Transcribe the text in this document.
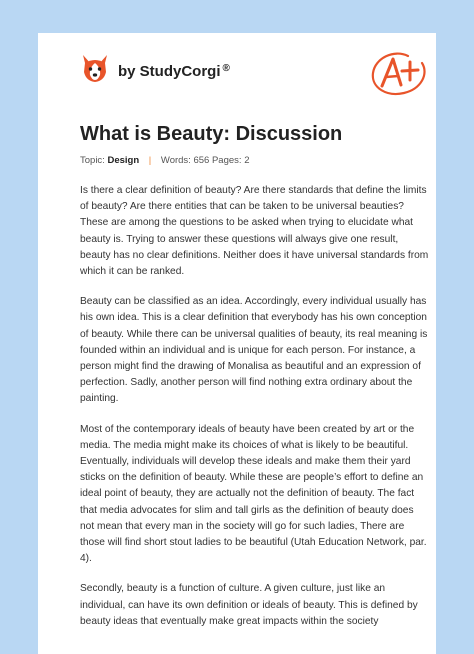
by StudyCorgi ®
What is Beauty: Discussion
Topic: Design | Words: 656 Pages: 2

Is there a clear definition of beauty? Are there standards that define the limits of beauty? Are there entities that can be taken to be universal beauties? These are among the questions to be asked when trying to elucidate what beauty is. Trying to answer these questions will always give one result, beauty has no clear definitions. Neither does it have universal standards from which it can be ranked.

Beauty can be classified as an idea. Accordingly, every individual usually has his own idea. This is a clear definition that everybody has his own conception of beauty. While there can be universal qualities of beauty, its real meaning is founded within an individual and is unique for each person. For instance, a person might find the drawing of Monalisa as beautiful and an expression of perfection. Sadly, another person will find nothing extra ordinary about the painting.

Most of the contemporary ideals of beauty have been created by art or the media. The media might make its choices of what is likely to be beautiful. Eventually, individuals will develop these ideals and make them their yard sticks on the definition of beauty. While these are people’s effort to define an ideal point of beauty, they are actually not the definition of beauty. The fact that media advocates for slim and tall girls as the definition of beauty does not mean that every man in the society will go for such ladies, There are those will find short stout ladies to be beautiful (Utah Education Network, par. 4).

Secondly, beauty is a function of culture. A given culture, just like an individual, can have its own definition or ideals of beauty. This is defined by beauty ideas that eventually make great impacts within the society
